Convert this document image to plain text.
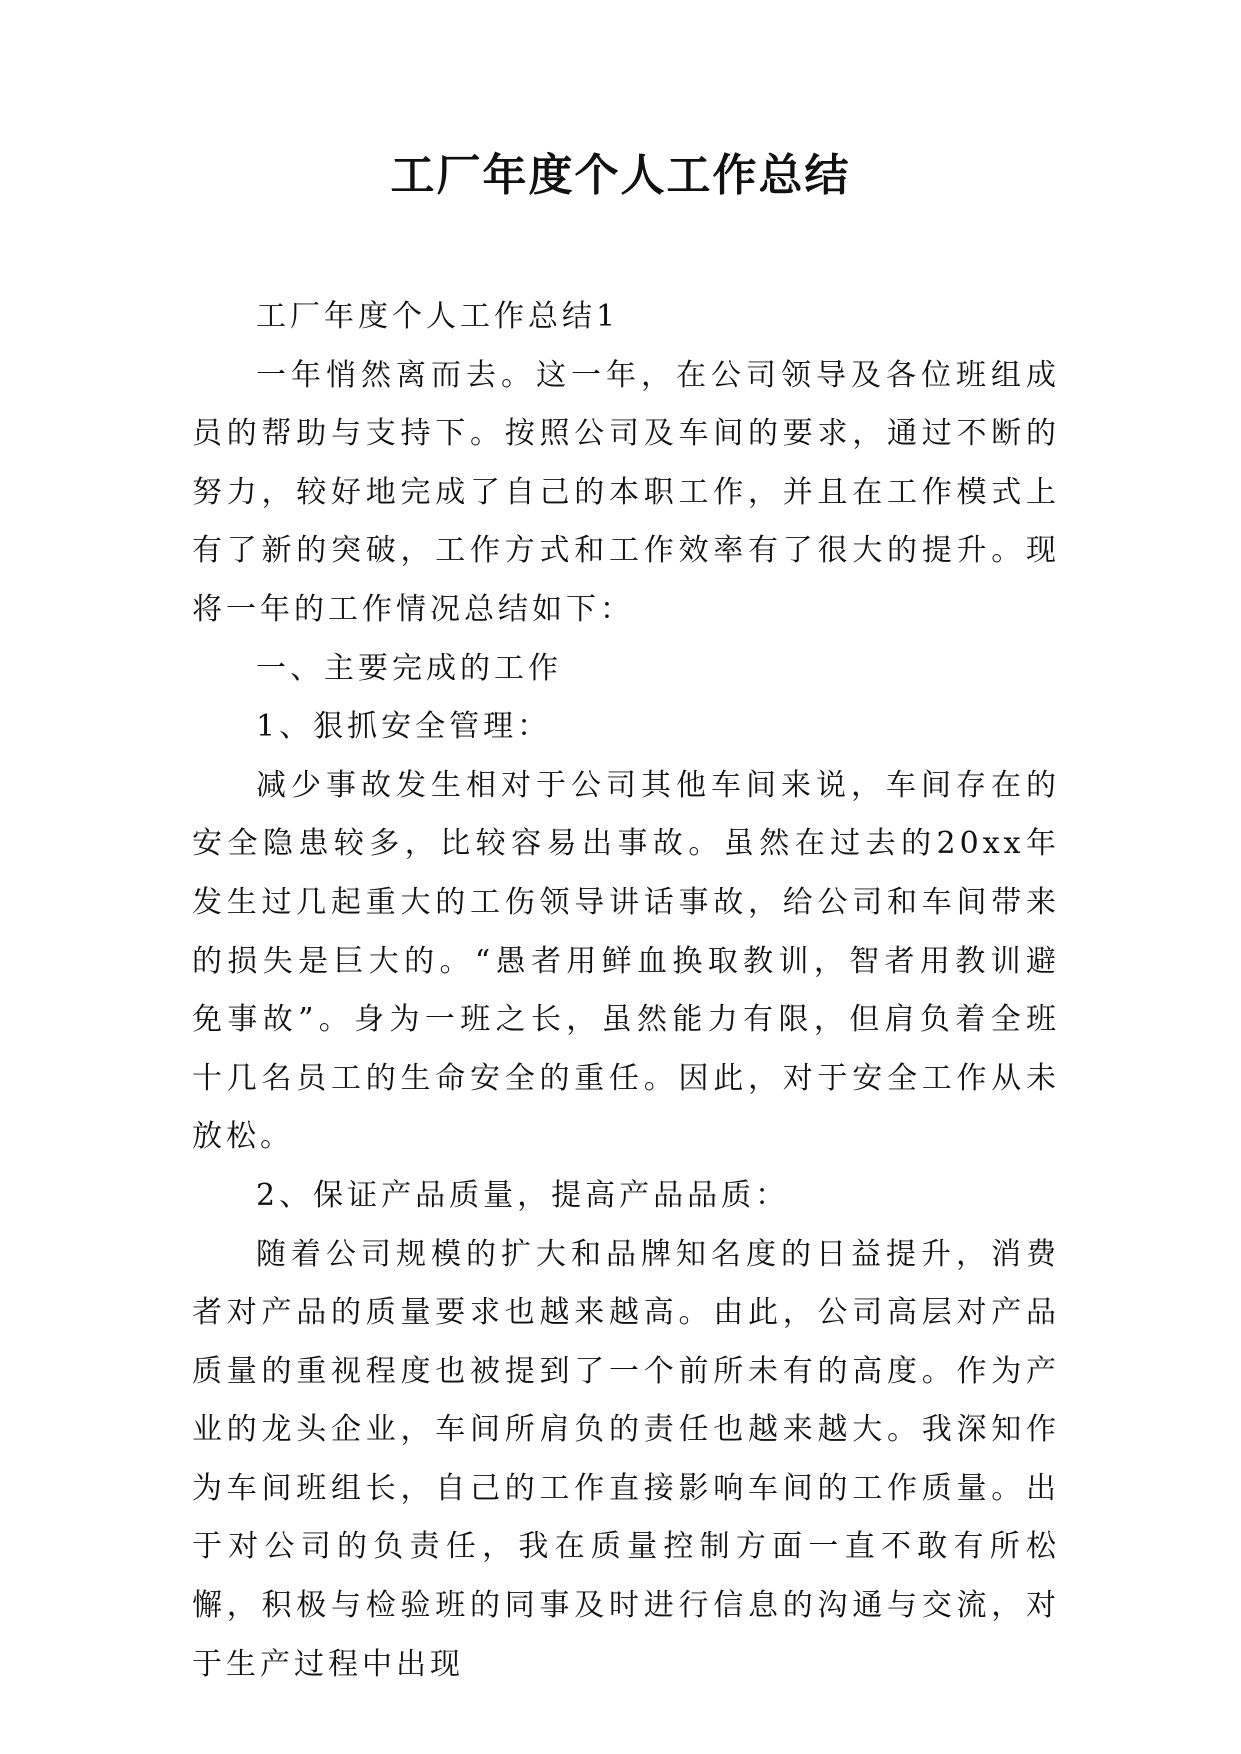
工厂年度个人工作总结

工厂年度个人工作总结1

一年悄然离而去。这一年，在公司领导及各位班组成员的帮助与支持下。按照公司及车间的要求，通过不断的努力，较好地完成了自己的本职工作，并且在工作模式上有了新的突破，工作方式和工作效率有了很大的提升。现将一年的工作情况总结如下：

一、主要完成的工作

1、狠抓安全管理：

减少事故发生相对于公司其他车间来说，车间存在的安全隐患较多，比较容易出事故。虽然在过去的20xx年发生过几起重大的工伤领导讲话事故，给公司和车间带来的损失是巨大的。“愚者用鲜血换取教训，智者用教训避免事故”。身为一班之长，虽然能力有限，但肩负着全班十几名员工的生命安全的重任。因此，对于安全工作从未放松。

2、保证产品质量，提高产品品质：

随着公司规模的扩大和品牌知名度的日益提升，消费者对产品的质量要求也越来越高。由此，公司高层对产品质量的重视程度也被提到了一个前所未有的高度。作为产业的龙头企业，车间所肩负的责任也越来越大。我深知作为车间班组长，自己的工作直接影响车间的工作质量。出于对公司的负责任，我在质量控制方面一直不敢有所松懈，积极与检验班的同事及时进行信息的沟通与交流，对于生产过程中出现
